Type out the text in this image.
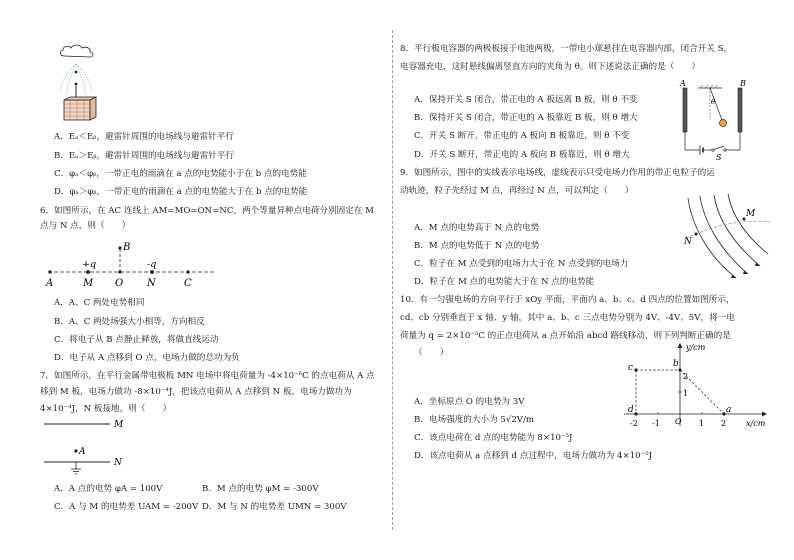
A．Eₐ＜Eᵦ，避雷针周围的电场线与避雷针平行
B．Eₐ＞Eᵦ，避雷针周围的电场线与避雷针平行
C．φₐ＜φᵦ，一带正电的雨滴在 a 点的电势能小于在 b 点的电势能
D．φₐ＞φᵦ，一带正电的雨滴在 a 点的电势能大于在 b 点的电势能
6．如图所示，在 AC 连线上 AM=MO=ON=NC，两个等量异种点电荷分别固定在 M
点与 N 点，则（　　）
B
+q	-q
A	M O N	C
A．A、C 两处电势相同
B．A、C 两处场强大小相等，方向相反
C．将电子从 B 点静止释放，将做直线运动
D．电子从 A 点移到 O 点，电场力做的总功为负
7．如图所示，在平行金属带电极板 MN 电场中将电荷量为 -4×10⁻⁶C 的点电荷从 A 点
移到 M 板，电场力做功 -8×10⁻⁴J，把该点电荷从 A 点移到 N 板，电场力做功为
4×10⁻⁴J，N 板接地。则（　　）
M
A
N
A．A 点的电势 φA = 100V	B．M 点的电势 φM = -300V
C．A 与 M 的电势差 UAM = -200V D．M 与 N 的电势差 UMN = 300V
8．平行板电容器的两极板接于电池两极，一带电小球悬挂在电容器内部，闭合开关 S，
电容器充电，这时悬线偏离竖直方向的夹角为 θ。则下述说法正确的是（　　）
A	B
θ
S
A．保持开关 S 闭合，带正电的 A 板远离 B 板，则 θ 不变
B．保持开关 S 闭合，带正电的 A 板靠近 B 板，则 θ 增大
C．开关 S 断开，带正电的 A 板向 B 板靠近，则 θ 不变
D．开关 S 断开，带正电的 A 板向 B 板靠近，则 θ 增大
9．如图所示，图中的实线表示电场线，虚线表示只受电场力作用的带正电粒子的运
动轨迹，粒子先经过 M 点，再经过 N 点，可以判定（　　）
M
N
A．M 点的电势高于 N 点的电势
B．M 点的电势低于 N 点的电势
C．粒子在 M 点受到的电场力大于在 N 点受到的电场力
D．粒子在 M 点的电势能大于在 N 点的电势能
10．有一匀强电场的方向平行于 xOy 平面，平面内 a、b、c、d 四点的位置如图所示，
cd、cb 分别垂直于 x 轴、y 轴，其中 a、b、c 三点电势分别为 4V、-4V、5V，将一电
荷量为 q = 2×10⁻⁵C 的正点电荷从 a 点开始沿 abcd 路线移动，则下列判断正确的是
（　　）
y/cm
x/cm
O
-2 -1	1 2
2
1
c	b
d	a
A．坐标原点 O 的电势为 3V
B．电场强度的大小为 5√2V/m
C．该点电荷在 d 点的电势能为 8×10⁻⁵J
D．该点电荷从 a 点移到 d 点过程中，电场力做功为 4×10⁻⁵J
